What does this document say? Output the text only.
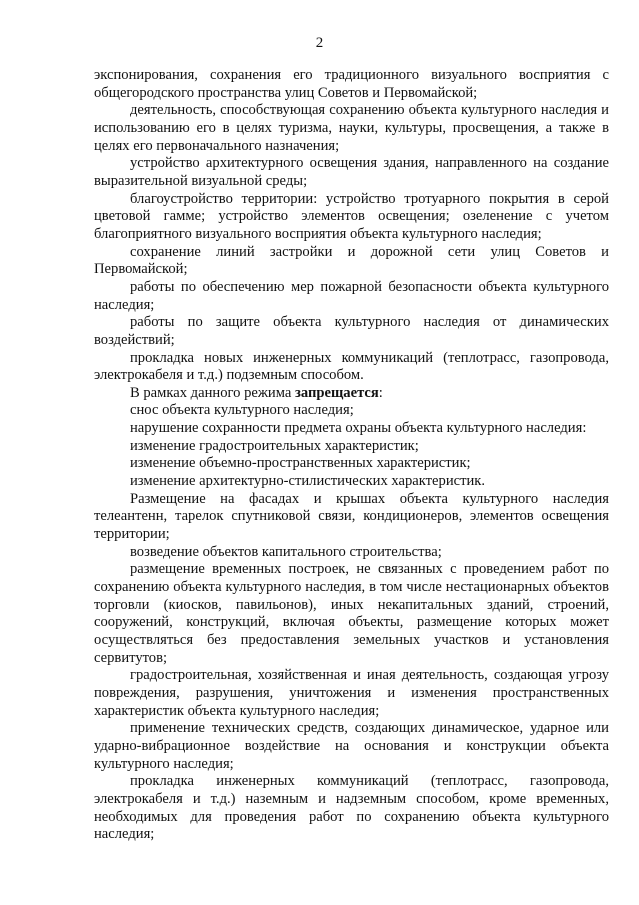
2

экспонирования, сохранения его традиционного визуального восприятия с общегородского пространства улиц Советов и Первомайской;

деятельность, способствующая сохранению объекта культурного наследия и использованию его в целях туризма, науки, культуры, просвещения, а также в целях его первоначального назначения;

устройство архитектурного освещения здания, направленного на создание выразительной визуальной среды;

благоустройство территории: устройство тротуарного покрытия в серой цветовой гамме; устройство элементов освещения; озеленение с учетом благоприятного визуального восприятия объекта культурного наследия;

сохранение линий застройки и дорожной сети улиц Советов и Первомайской;

работы по обеспечению мер пожарной безопасности объекта культурного наследия;

работы по защите объекта культурного наследия от динамических воздействий;

прокладка новых инженерных коммуникаций (теплотрасс, газопровода, электрокабеля и т.д.) подземным способом.

В рамках данного режима запрещается:

снос объекта культурного наследия;

нарушение сохранности предмета охраны объекта культурного наследия:

изменение градостроительных характеристик;

изменение объемно-пространственных характеристик;

изменение архитектурно-стилистических характеристик.

Размещение на фасадах и крышах объекта культурного наследия телеантенн, тарелок спутниковой связи, кондиционеров, элементов освещения территории;

возведение объектов капитального строительства;

размещение временных построек, не связанных с проведением работ по сохранению объекта культурного наследия, в том числе нестационарных объектов торговли (киосков, павильонов), иных некапитальных зданий, строений, сооружений, конструкций, включая объекты, размещение которых может осуществляться без предоставления земельных участков и установления сервитутов;

градостроительная, хозяйственная и иная деятельность, создающая угрозу повреждения, разрушения, уничтожения и изменения пространственных характеристик объекта культурного наследия;

применение технических средств, создающих динамическое, ударное или ударно-вибрационное воздействие на основания и конструкции объекта культурного наследия;

прокладка инженерных коммуникаций (теплотрасс, газопровода, электрокабеля и т.д.) наземным и надземным способом, кроме временных, необходимых для проведения работ по сохранению объекта культурного наследия;
